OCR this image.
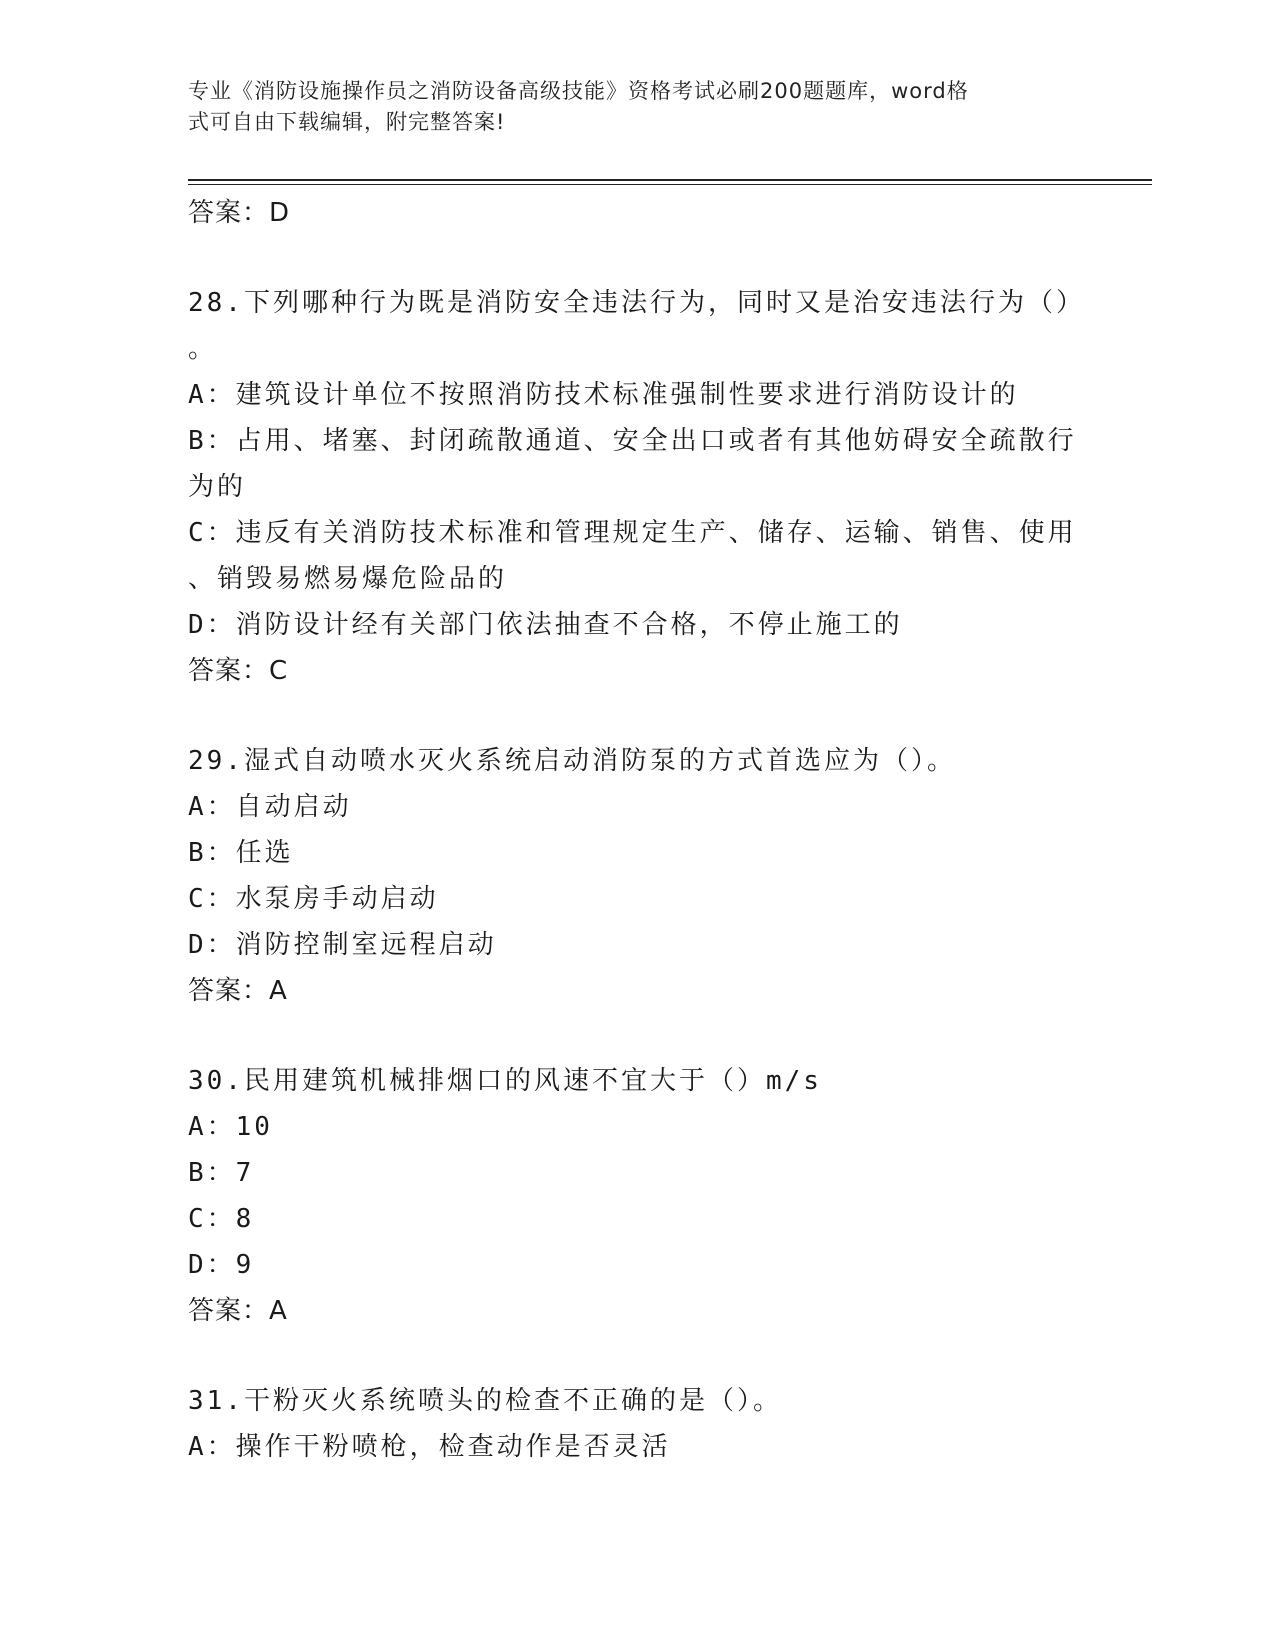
专业《消防设施操作员之消防设备高级技能》资格考试必刷200题题库，word格
式可自由下载编辑，附完整答案!
答案：D
28.下列哪种行为既是消防安全违法行为，同时又是治安违法行为（）
。
A：建筑设计单位不按照消防技术标准强制性要求进行消防设计的
B：占用、堵塞、封闭疏散通道、安全出口或者有其他妨碍安全疏散行
为的
C：违反有关消防技术标准和管理规定生产、储存、运输、销售、使用
、销毁易燃易爆危险品的
D：消防设计经有关部门依法抽查不合格，不停止施工的
答案：C
29.湿式自动喷水灭火系统启动消防泵的方式首选应为（）。
A：自动启动
B：任选
C：水泵房手动启动
D：消防控制室远程启动
答案：A
30.民用建筑机械排烟口的风速不宜大于（）m/s
A：10
B：7
C：8
D：9
答案：A
31.干粉灭火系统喷头的检查不正确的是（）。
A：操作干粉喷枪，检查动作是否灵活
